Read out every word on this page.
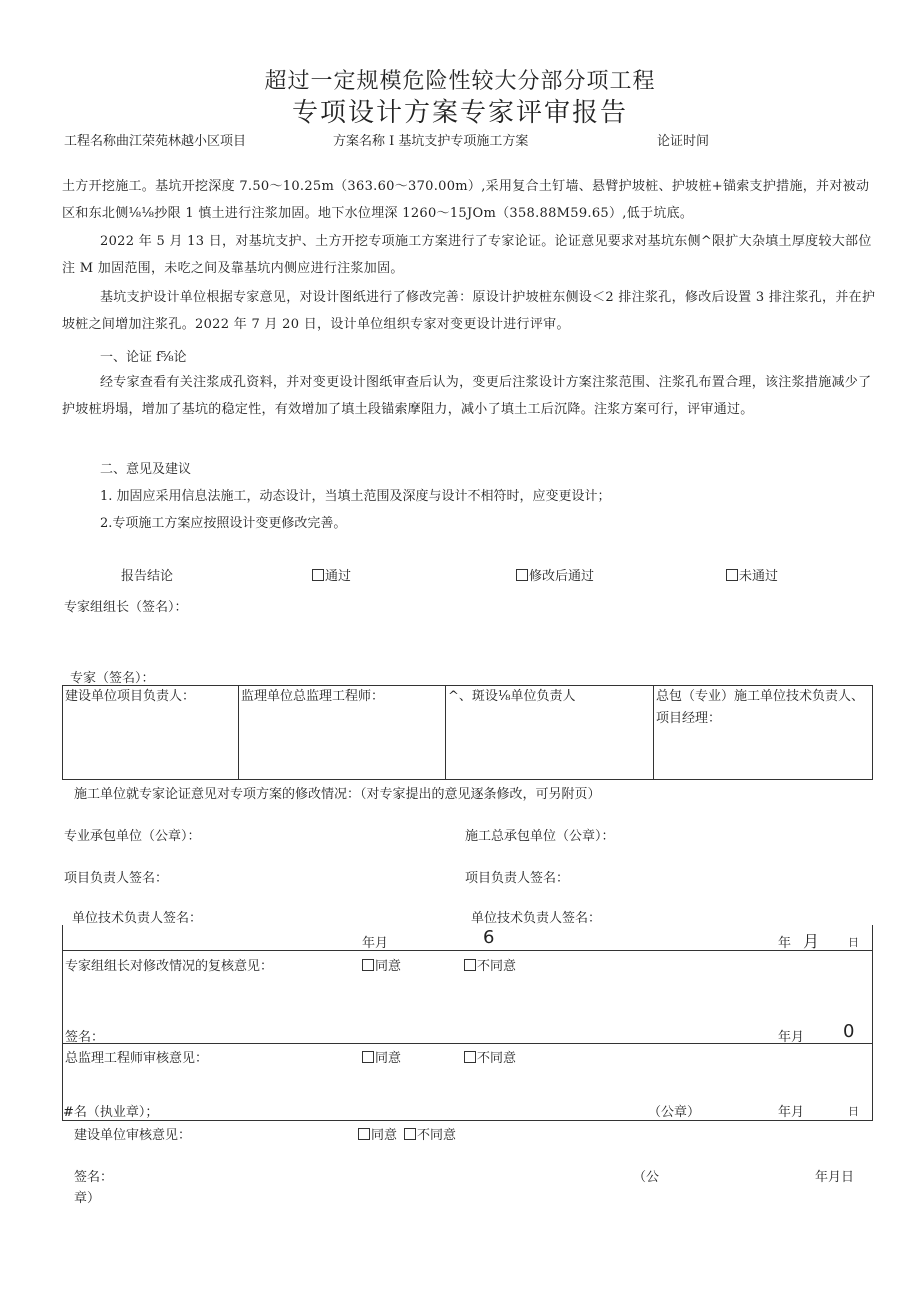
超过一定规模危险性较大分部分项工程
专项设计方案专家评审报告
工程名称曲江荣苑林越小区项目	方案名称 I 基坑支护专项施工方案	论证时间
土方开挖施工。基坑开挖深度 7.50～10.25m（363.60～370.00m）,采用复合土钉墙、悬臂护坡桩、护坡桩+锚索支护措施，并对被动区和东北侧⅛⅛抄限 1 慎土进行注浆加固。地下水位埋深 1260～15JOm（358.88M59.65）,低于坑底。
2022 年 5 月 13 日，对基坑支护、土方开挖专项施工方案进行了专家论证。论证意见要求对基坑东侧^限扩大杂填土厚度较大部位注 M 加固范围，未吃之间及靠基坑内侧应进行注浆加固。
基坑支护设计单位根据专家意见，对设计图纸进行了修改完善：原设计护坡桩东侧设＜2 排注浆孔，修改后设置 3 排注浆孔，并在护坡桩之间增加注浆孔。2022 年 7 月 20 日，设计单位组织专家对变更设计进行评审。
一、论证 f⅝论
经专家查看有关注浆成孔资料，并对变更设计图纸审查后认为，变更后注浆设计方案注浆范围、注浆孔布置合理，该注浆措施减少了护坡桩坍塌，增加了基坑的稳定性，有效增加了填土段锚索摩阻力，减小了填土工后沉降。注浆方案可行，评审通过。
二、意见及建议
1. 加固应采用信息法施工，动态设计，当填土范围及深度与设计不相符时，应变更设计；
2.专项施工方案应按照设计变更修改完善。
报告结论	通过	修改后通过	未通过
专家组组长（签名）：
专家（签名）：
建设单位项目负责人：	监理单位总监理工程师：	^、斑设⅛单位负责人	总包（专业）施工单位技术负责人、项目经理：
施工单位就专家论证意见对专项方案的修改情况：（对专家提出的意见逐条修改，可另附页）
专业承包单位（公章）：	施工总承包单位（公章）：
项目负责人签名：	项目负责人签名：
单位技术负责人签名：	单位技术负责人签名：
年月	6	年 月	日
专家组组长对修改情况的复核意见：	同意	不同意
签名：	年月 0
总监理工程师审核意见：	同意	不同意
#名（执业章）；	（公章）	年月	日
建设单位审核意见：	同意	不同意
签名：	（公	年月日
章）
